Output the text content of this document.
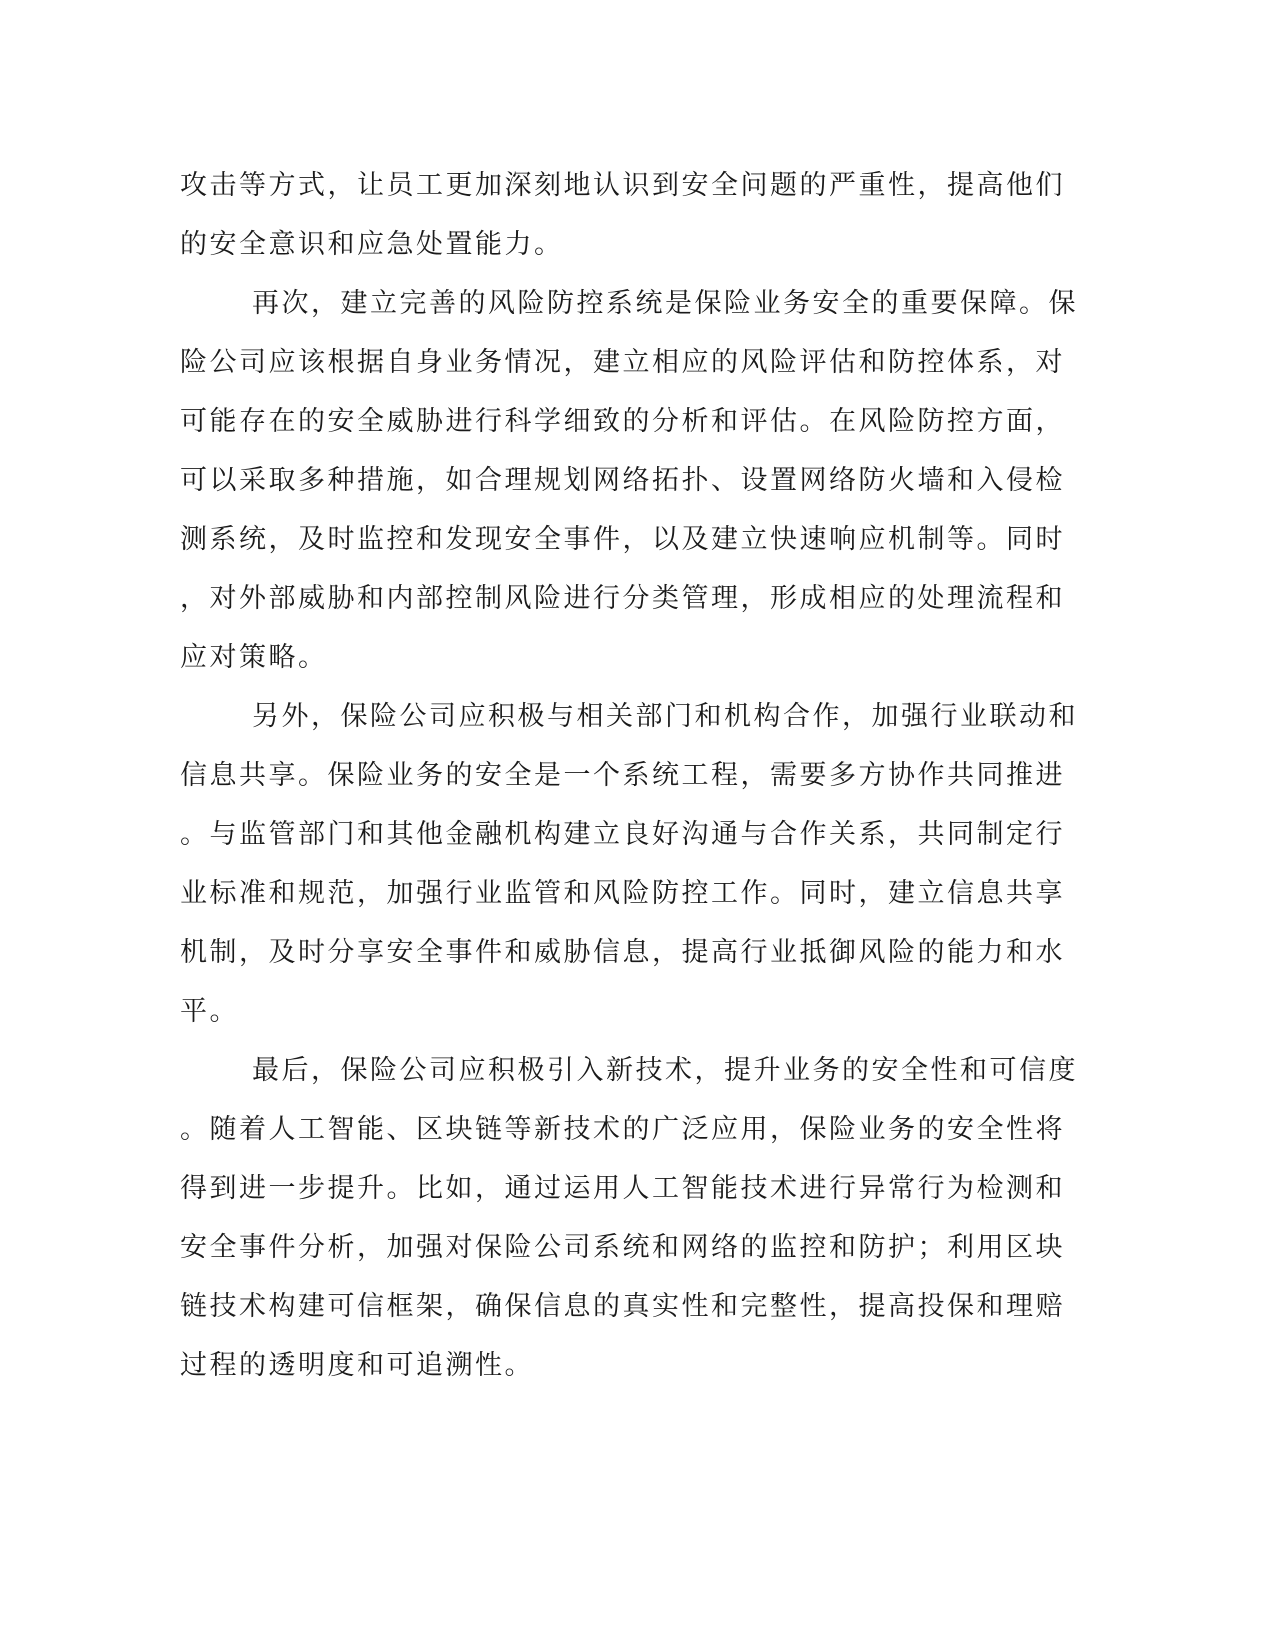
攻击等方式，让员工更加深刻地认识到安全问题的严重性，提高他们
的安全意识和应急处置能力。
再次，建立完善的风险防控系统是保险业务安全的重要保障。保
险公司应该根据自身业务情况，建立相应的风险评估和防控体系，对
可能存在的安全威胁进行科学细致的分析和评估。在风险防控方面，
可以采取多种措施，如合理规划网络拓扑、设置网络防火墙和入侵检
测系统，及时监控和发现安全事件，以及建立快速响应机制等。同时
，对外部威胁和内部控制风险进行分类管理，形成相应的处理流程和
应对策略。
另外，保险公司应积极与相关部门和机构合作，加强行业联动和
信息共享。保险业务的安全是一个系统工程，需要多方协作共同推进
。与监管部门和其他金融机构建立良好沟通与合作关系，共同制定行
业标准和规范，加强行业监管和风险防控工作。同时，建立信息共享
机制，及时分享安全事件和威胁信息，提高行业抵御风险的能力和水
平。
最后，保险公司应积极引入新技术，提升业务的安全性和可信度
。随着人工智能、区块链等新技术的广泛应用，保险业务的安全性将
得到进一步提升。比如，通过运用人工智能技术进行异常行为检测和
安全事件分析，加强对保险公司系统和网络的监控和防护；利用区块
链技术构建可信框架，确保信息的真实性和完整性，提高投保和理赔
过程的透明度和可追溯性。
